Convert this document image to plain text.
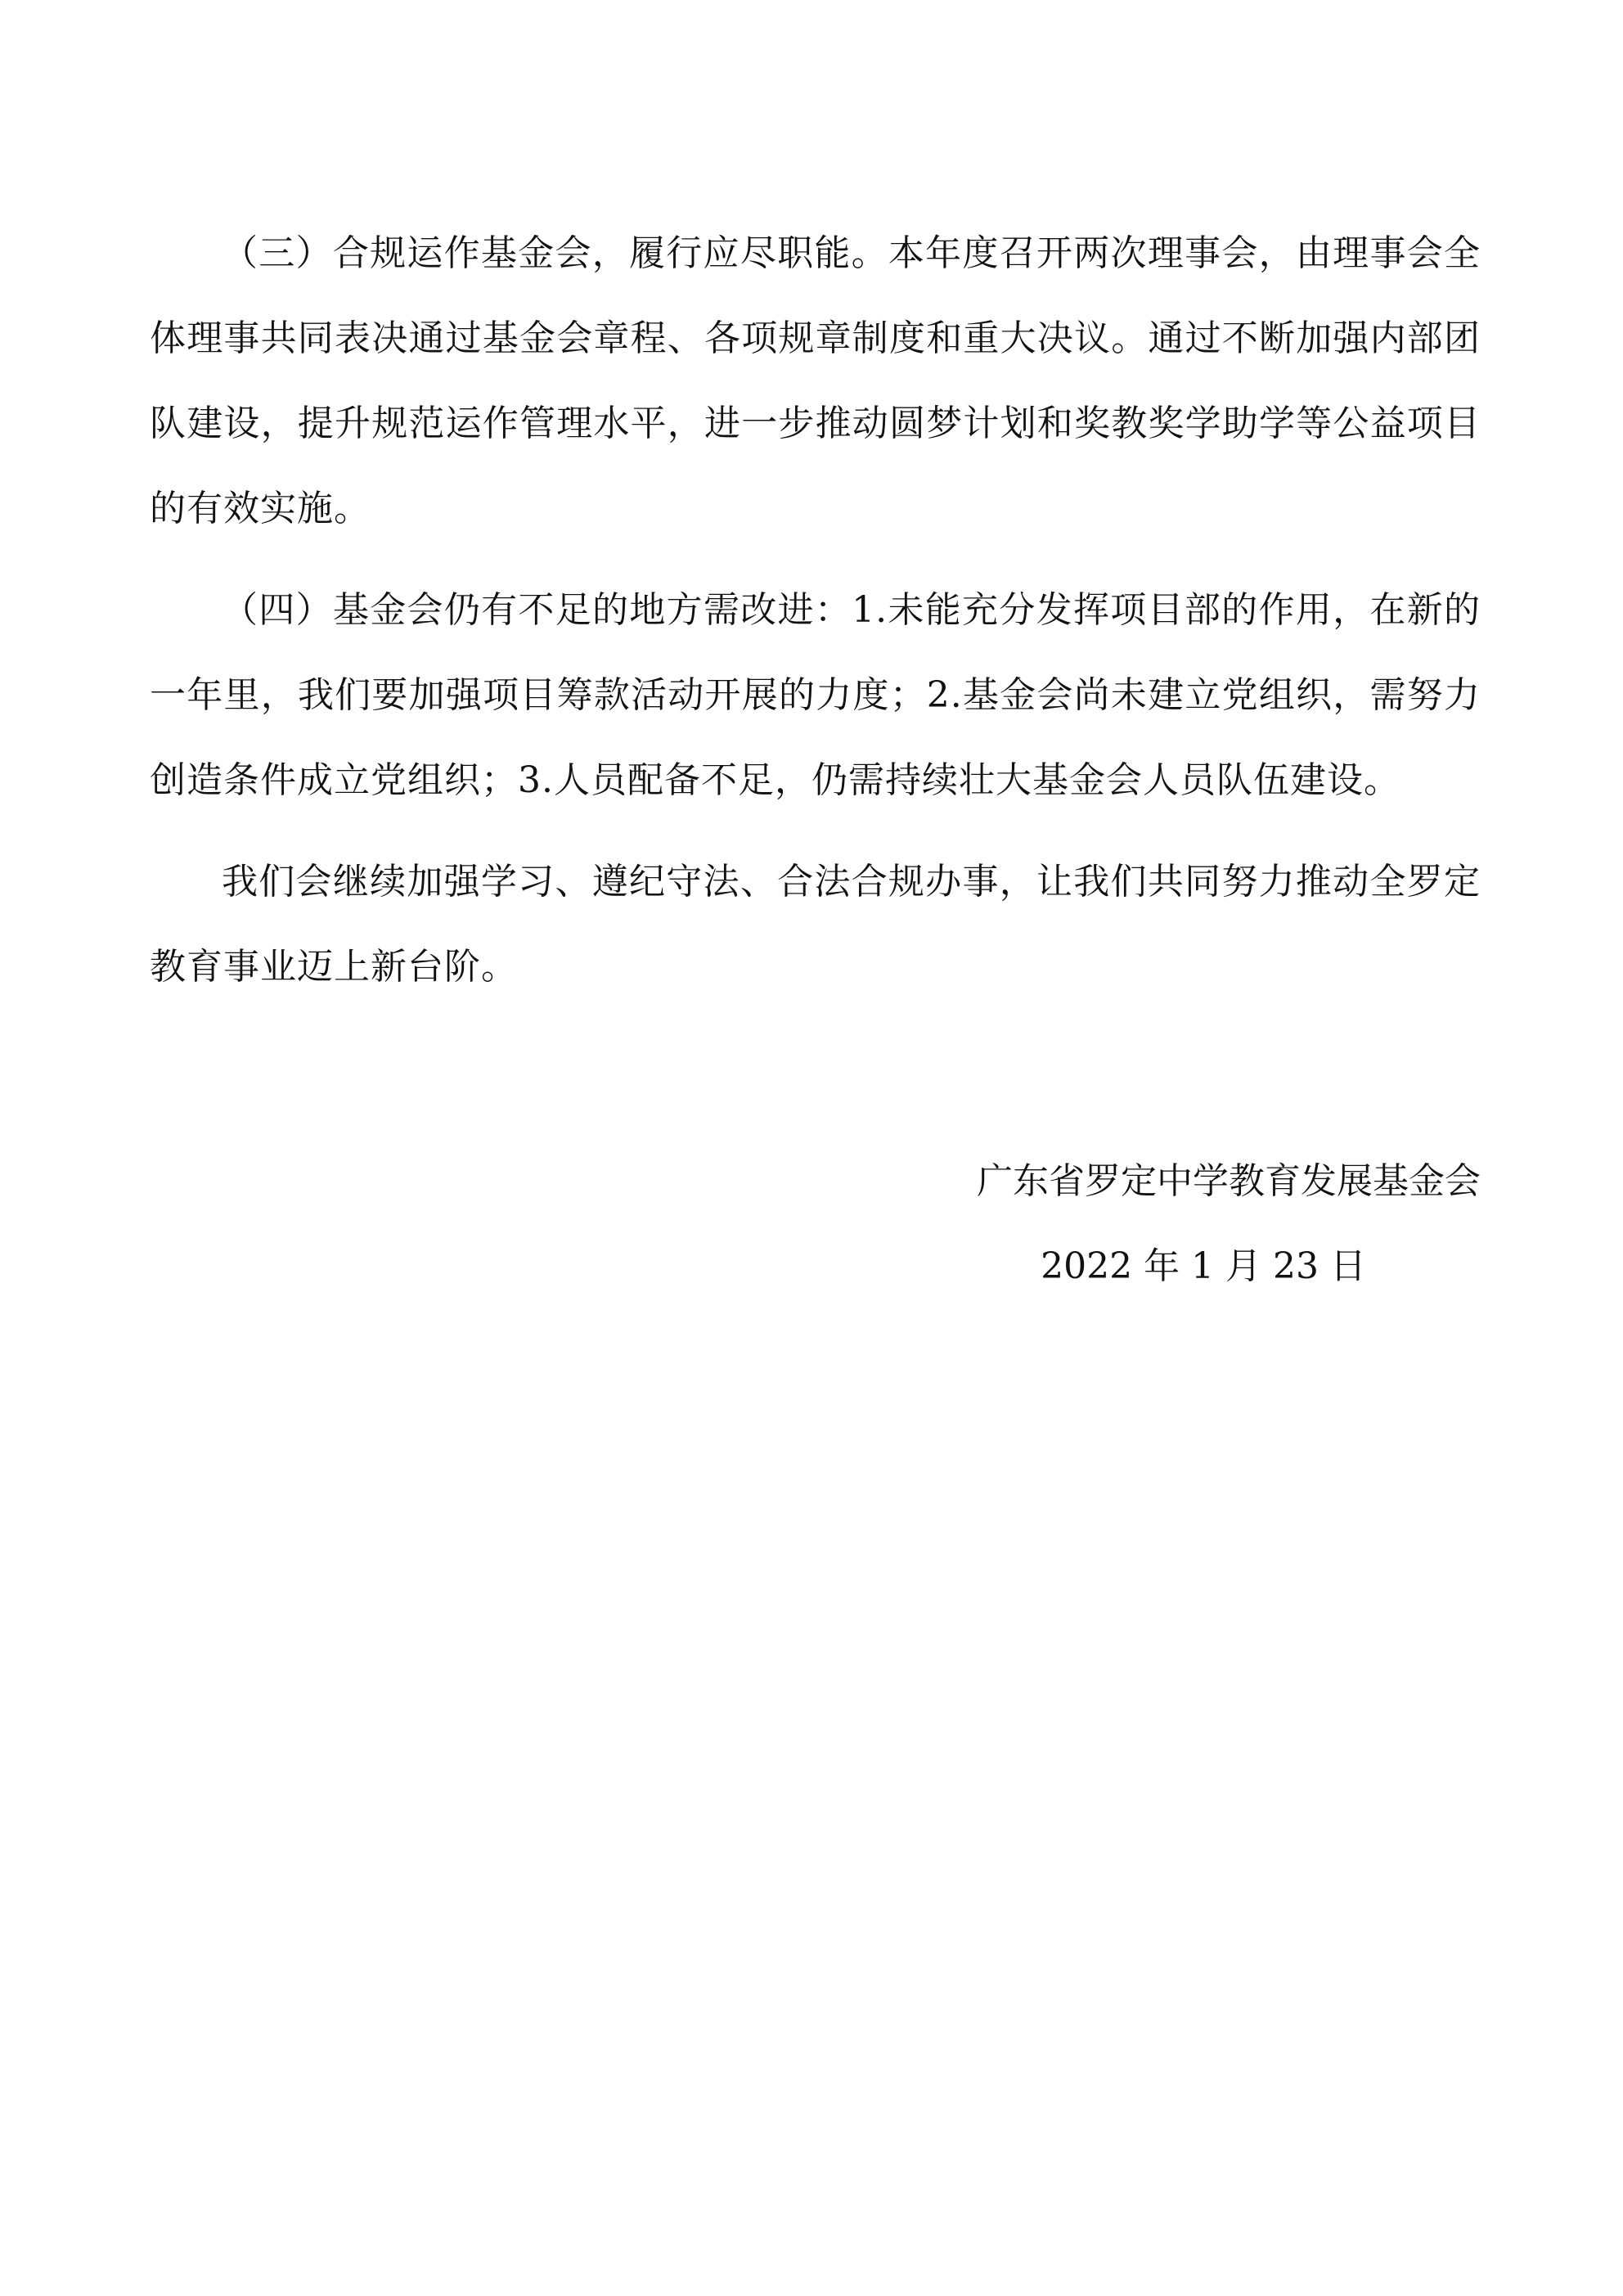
（三）合规运作基金会，履行应尽职能。本年度召开两次理事会，由理事会全体理事共同表决通过基金会章程、各项规章制度和重大决议。通过不断加强内部团队建设，提升规范运作管理水平，进一步推动圆梦计划和奖教奖学助学等公益项目的有效实施。

（四）基金会仍有不足的地方需改进：1.未能充分发挥项目部的作用，在新的一年里，我们要加强项目筹款活动开展的力度；2.基金会尚未建立党组织，需努力创造条件成立党组织；3.人员配备不足，仍需持续壮大基金会人员队伍建设。

我们会继续加强学习、遵纪守法、合法合规办事，让我们共同努力推动全罗定教育事业迈上新台阶。

广东省罗定中学教育发展基金会
2022 年 1 月 23 日
